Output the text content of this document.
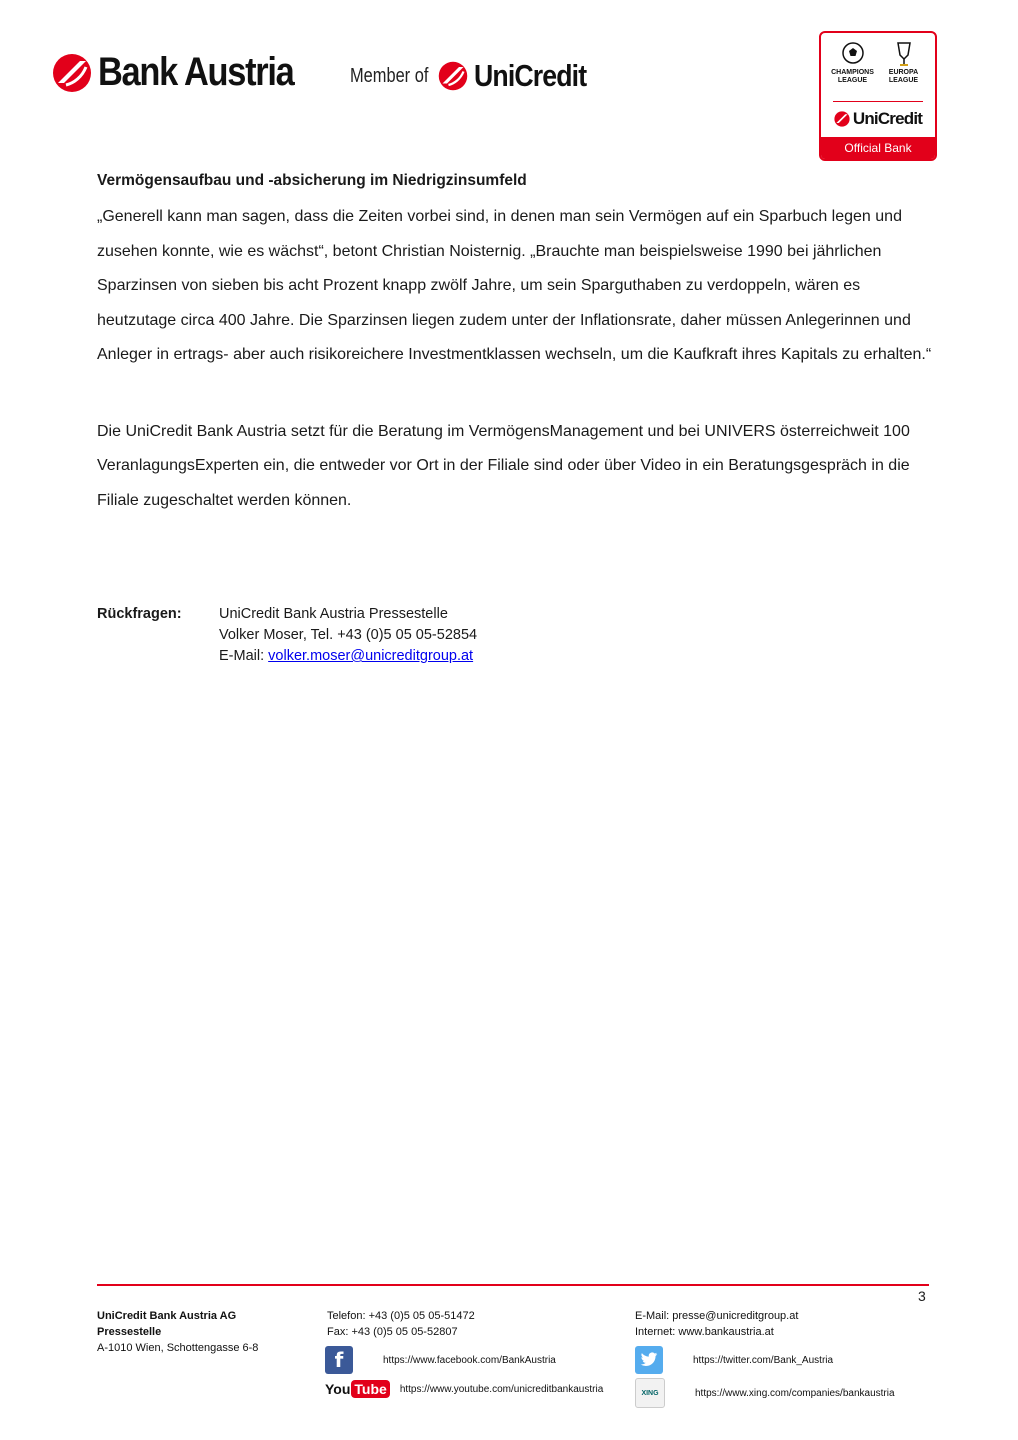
Bank Austria	Member of UniCredit	CHAMPIONS
LEAGUE
EUROPA
LEAGUE
UniCredit
Official Bank

Vermögensaufbau und -absicherung im Niedrigzinsumfeld

„Generell kann man sagen, dass die Zeiten vorbei sind, in denen man sein Vermögen auf ein Sparbuch legen und zusehen konnte, wie es wächst“, betont Christian Noisternig. „Brauchte man beispielsweise 1990 bei jährlichen Sparzinsen von sieben bis acht Prozent knapp zwölf Jahre, um sein Sparguthaben zu verdoppeln, wären es heutzutage circa 400 Jahre. Die Sparzinsen liegen zudem unter der Inflationsrate, daher müssen Anlegerinnen und Anleger in ertrags- aber auch risikoreichere Investmentklassen wechseln, um die Kaufkraft ihres Kapitals zu erhalten.“

Die UniCredit Bank Austria setzt für die Beratung im VermögensManagement und bei UNIVERS österreichweit 100 VeranlagungsExperten ein, die entweder vor Ort in der Filiale sind oder über Video in ein Beratungsgespräch in die Filiale zugeschaltet werden können.

Rückfragen:	UniCredit Bank Austria Pressestelle
Volker Moser, Tel. +43 (0)5 05 05-52854
E-Mail: volker.moser@unicreditgroup.at
3
UniCredit Bank Austria AG
Pressestelle
A-1010 Wien, Schottengasse 6-8
Telefon: +43 (0)5 05 05-51472
Fax: +43 (0)5 05 05-52807
E-Mail: presse@unicreditgroup.at
Internet: www.bankaustria.at
f	https://www.facebook.com/BankAustria
You Tube	https://www.youtube.com/unicreditbankaustria
https://twitter.com/Bank_Austria
XING	https://www.xing.com/companies/bankaustria
